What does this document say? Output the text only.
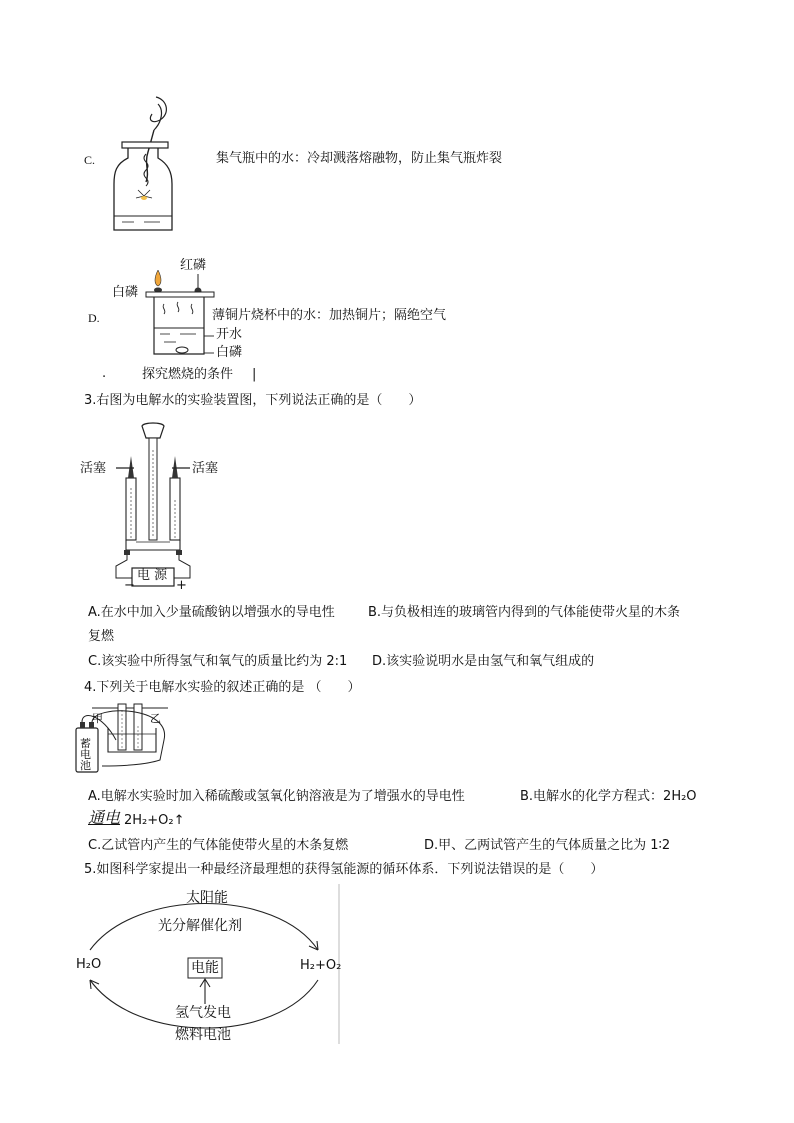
C.	集气瓶中的水：冷却溅落熔融物，防止集气瓶炸裂
D.
红磷
白磷
薄铜片烧杯中的水：加热铜片；隔绝空气
开水
白磷
.	探究燃烧的条件 |
3.右图为电解水的实验装置图，下列说法正确的是（　　）
活塞	活塞
电 源
−	+
A.在水中加入少量硫酸钠以增强水的导电性	B.与负极相连的玻璃管内得到的气体能使带火星的木条
复燃
C.该实验中所得氢气和氧气的质量比约为 2:1 D.该实验说明水是由氢气和氧气组成的
4.下列关于电解水实验的叙述正确的是 （　　）
甲	乙
蓄电池
A.电解水实验时加入稀硫酸或氢氧化钠溶液是为了增强水的导电性	B.电解水的化学方程式：2H₂O
通电 2H₂+O₂↑
C.乙试管内产生的气体能使带火星的木条复燃	D.甲、乙两试管产生的气体质量之比为 1∶2
5.如图科学家提出一种最经济最理想的获得氢能源的循环体系．下列说法错误的是（　　）
太阳能
光分解催化剂
H₂O	H₂+O₂
电能
氢气发电
燃料电池
